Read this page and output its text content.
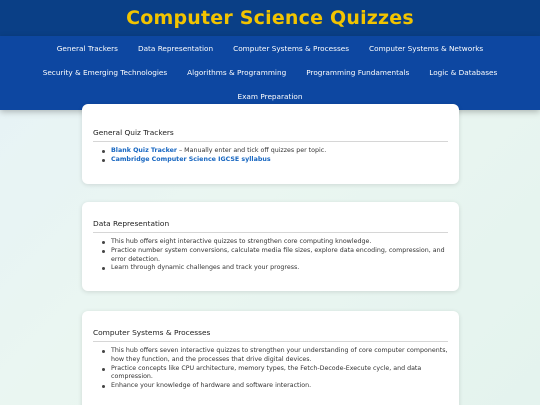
Computer Science Quizzes
General Trackers	Data Representation	Computer Systems & Processes	Computer Systems & Networks
Security & Emerging Technologies	Algorithms & Programming	Programming Fundamentals	Logic & Databases
Exam Preparation
General Quiz Trackers
Blank Quiz Tracker – Manually enter and tick off quizzes per topic.
Cambridge Computer Science IGCSE syllabus
Data Representation
This hub offers eight interactive quizzes to strengthen core computing knowledge.
Practice number system conversions, calculate media file sizes, explore data encoding, compression, and error detection.
Learn through dynamic challenges and track your progress.
Computer Systems & Processes
This hub offers seven interactive quizzes to strengthen your understanding of core computer components, how they function, and the processes that drive digital devices.
Practice concepts like CPU architecture, memory types, the Fetch-Decode-Execute cycle, and data compression.
Enhance your knowledge of hardware and software interaction.
